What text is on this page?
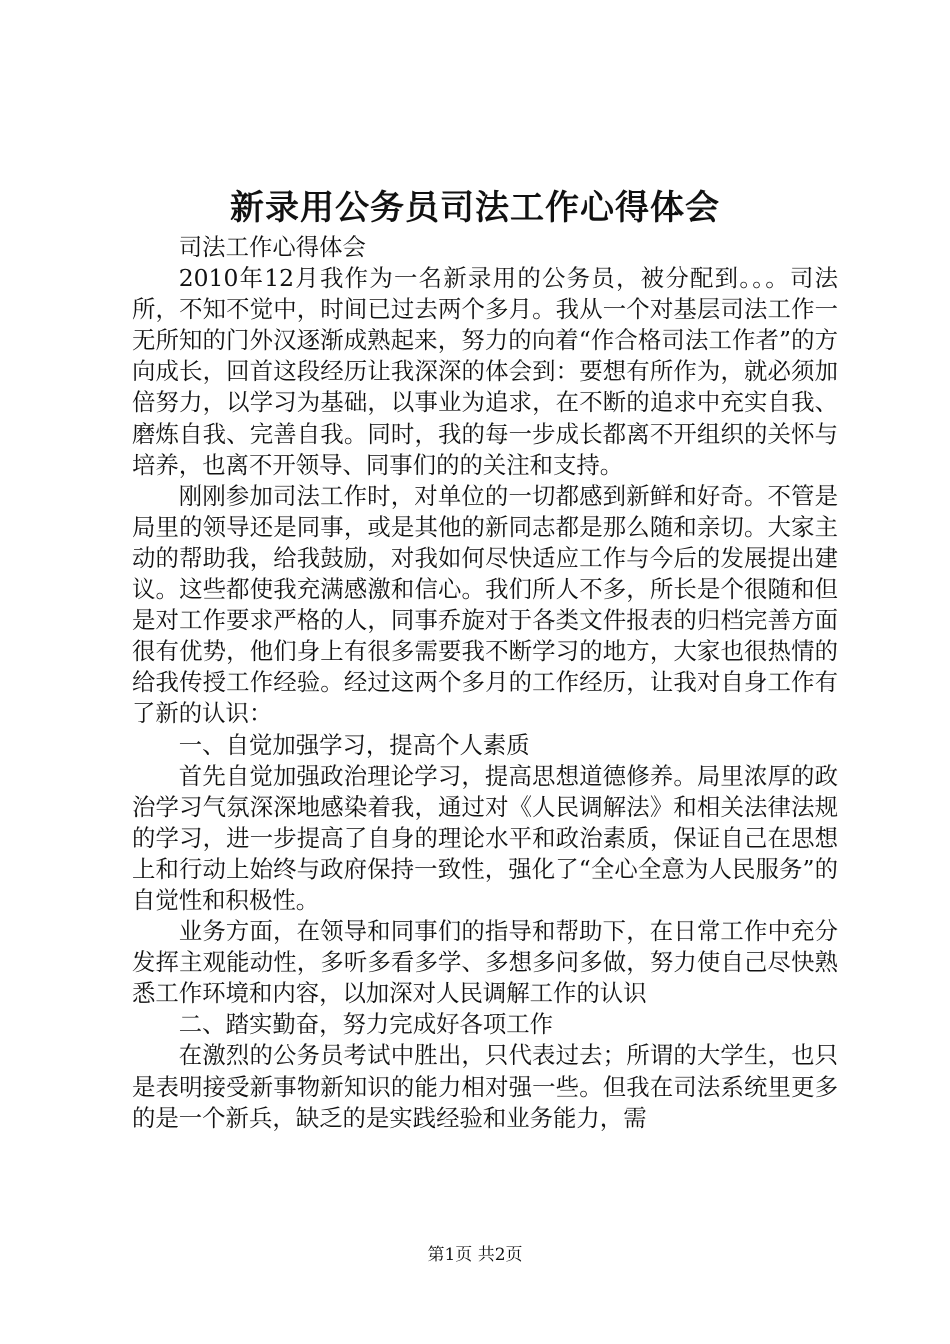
新录用公务员司法工作心得体会

司法工作心得体会

2010年12月我作为一名新录用的公务员，被分配到。。。司法所，不知不觉中，时间已过去两个多月。我从一个对基层司法工作一无所知的门外汉逐渐成熟起来，努力的向着“作合格司法工作者”的方向成长，回首这段经历让我深深的体会到：要想有所作为，就必须加倍努力，以学习为基础，以事业为追求，在不断的追求中充实自我、磨炼自我、完善自我。同时，我的每一步成长都离不开组织的关怀与培养，也离不开领导、同事们的的关注和支持。

刚刚参加司法工作时，对单位的一切都感到新鲜和好奇。不管是局里的领导还是同事，或是其他的新同志都是那么随和亲切。大家主动的帮助我，给我鼓励，对我如何尽快适应工作与今后的发展提出建议。这些都使我充满感激和信心。我们所人不多，所长是个很随和但是对工作要求严格的人，同事乔旋对于各类文件报表的归档完善方面很有优势，他们身上有很多需要我不断学习的地方，大家也很热情的给我传授工作经验。经过这两个多月的工作经历，让我对自身工作有了新的认识：

一、自觉加强学习，提高个人素质

首先自觉加强政治理论学习，提高思想道德修养。局里浓厚的政治学习气氛深深地感染着我，通过对《人民调解法》和相关法律法规的学习，进一步提高了自身的理论水平和政治素质，保证自己在思想上和行动上始终与政府保持一致性，强化了“全心全意为人民服务”的自觉性和积极性。

业务方面，在领导和同事们的指导和帮助下，在日常工作中充分发挥主观能动性，多听多看多学、多想多问多做，努力使自己尽快熟悉工作环境和内容，以加深对人民调解工作的认识

二、踏实勤奋，努力完成好各项工作

在激烈的公务员考试中胜出，只代表过去；所谓的大学生，也只是表明接受新事物新知识的能力相对强一些。但我在司法系统里更多的是一个新兵，缺乏的是实践经验和业务能力，需

第1页 共2页
